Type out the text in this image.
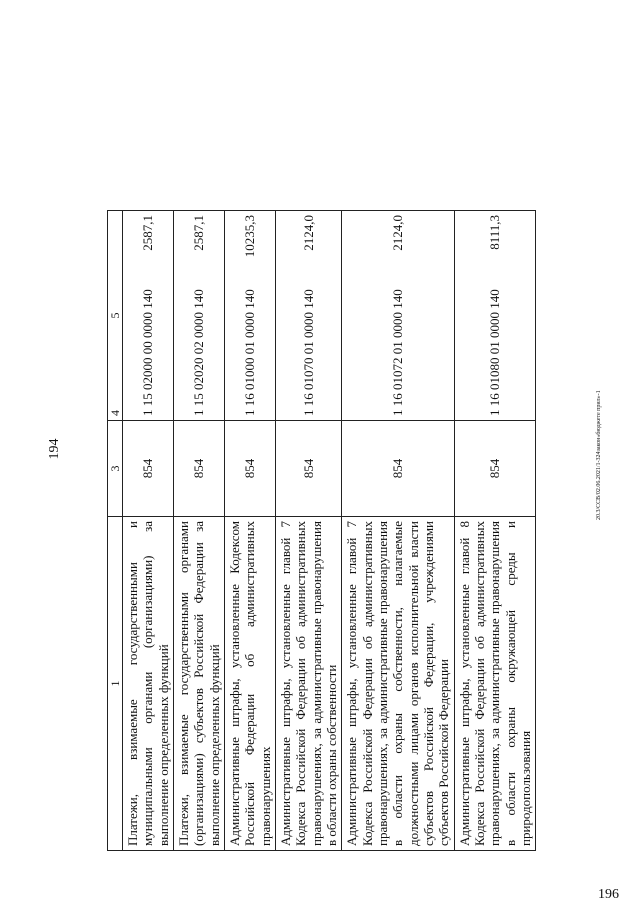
194
1	3	4	5
Платежи, взимаемые государственными и муниципальными органами (организациями) за выполнение определенных функций	854	1 15 02000 00 0000 140	2587,1
Платежи, взимаемые государственными органами (организациями) субъектов Российской Федерации за выполнение определенных функций	854	1 15 02020 02 0000 140	2587,1
Административные штрафы, установленные Кодексом Российской Федерации об административных правонарушениях	854	1 16 01000 01 0000 140	10235,3
Административные штрафы, установленные главой 7 Кодекса Российской Федерации об административных правонарушениях, за административные правонарушения в области охраны собственности	854	1 16 01070 01 0000 140	2124,0
Административные штрафы, установленные главой 7 Кодекса Российской Федерации об административных правонарушениях, за административные правонарушения в области охраны собственности, налагаемые должностными лицами органов исполнительной власти субъектов Российской Федерации, учреждениями субъектов Российской Федерации	854	1 16 01072 01 0000 140	2124,0
Административные штрафы, установленные главой 8 Кодекса Российской Федерации об административных правонарушениях, за административные правонарушения в области охраны окружающей среды и природопользования	854	1 16 01080 01 0000 140	8111,3
196
20.3/CCB/02.06.2021/1-324закон«бюджете прил»-1
